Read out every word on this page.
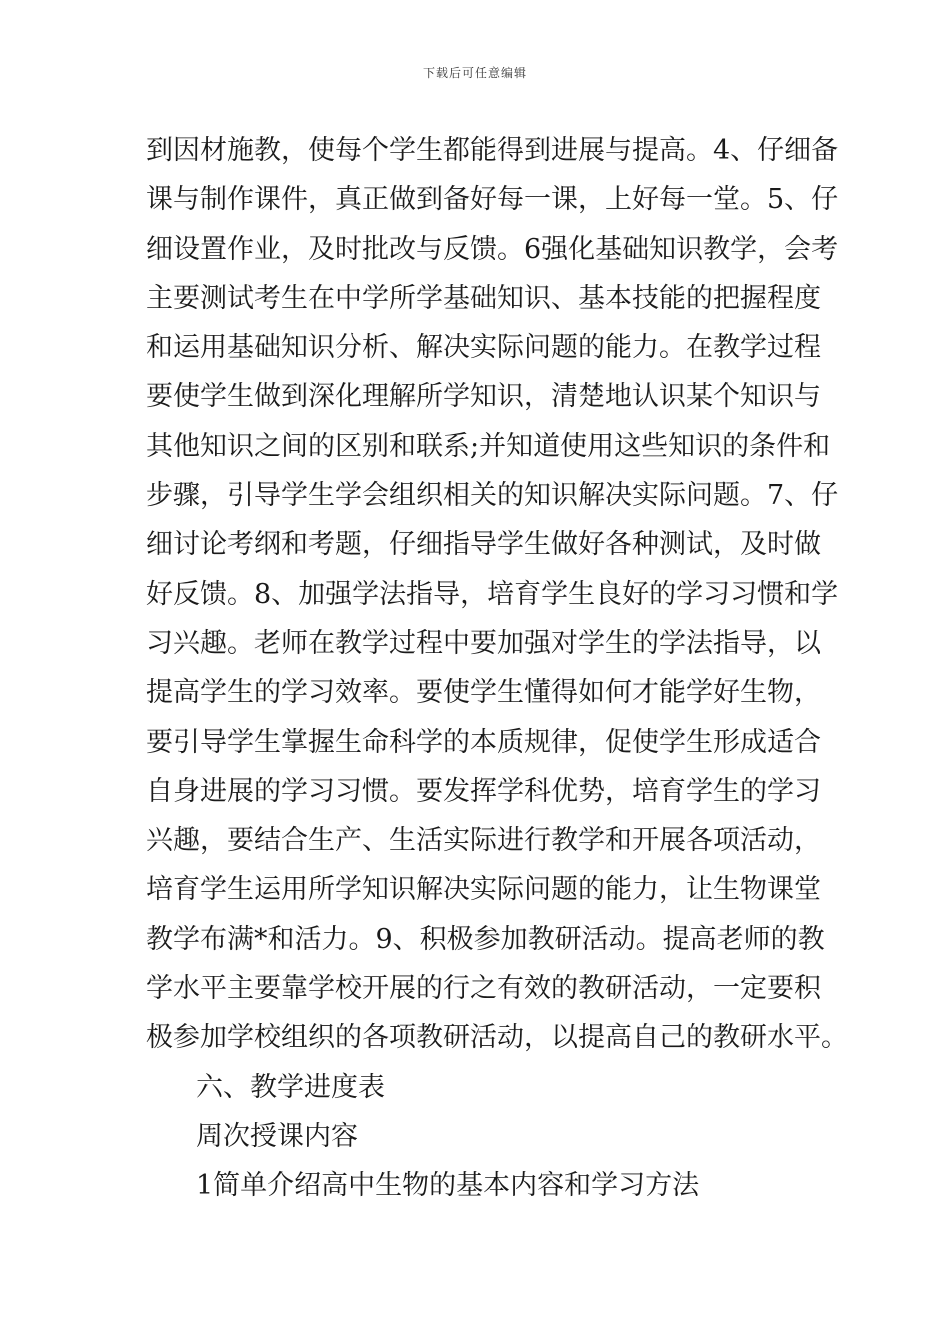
下载后可任意编辑
到因材施教，使每个学生都能得到进展与提高。4、仔细备
课与制作课件，真正做到备好每一课，上好每一堂。5、仔
细设置作业，及时批改与反馈。6强化基础知识教学，会考
主要测试考生在中学所学基础知识、基本技能的把握程度
和运用基础知识分析、解决实际问题的能力。在教学过程
要使学生做到深化理解所学知识，清楚地认识某个知识与
其他知识之间的区别和联系;并知道使用这些知识的条件和
步骤，引导学生学会组织相关的知识解决实际问题。7、仔
细讨论考纲和考题，仔细指导学生做好各种测试，及时做
好反馈。8、加强学法指导，培育学生良好的学习习惯和学
习兴趣。老师在教学过程中要加强对学生的学法指导，以
提高学生的学习效率。要使学生懂得如何才能学好生物，
要引导学生掌握生命科学的本质规律，促使学生形成适合
自身进展的学习习惯。要发挥学科优势，培育学生的学习
兴趣，要结合生产、生活实际进行教学和开展各项活动，
培育学生运用所学知识解决实际问题的能力，让生物课堂
教学布满*和活力。9、积极参加教研活动。提高老师的教
学水平主要靠学校开展的行之有效的教研活动，一定要积
极参加学校组织的各项教研活动，以提高自己的教研水平。
六、教学进度表
周次授课内容
1简单介绍高中生物的基本内容和学习方法
